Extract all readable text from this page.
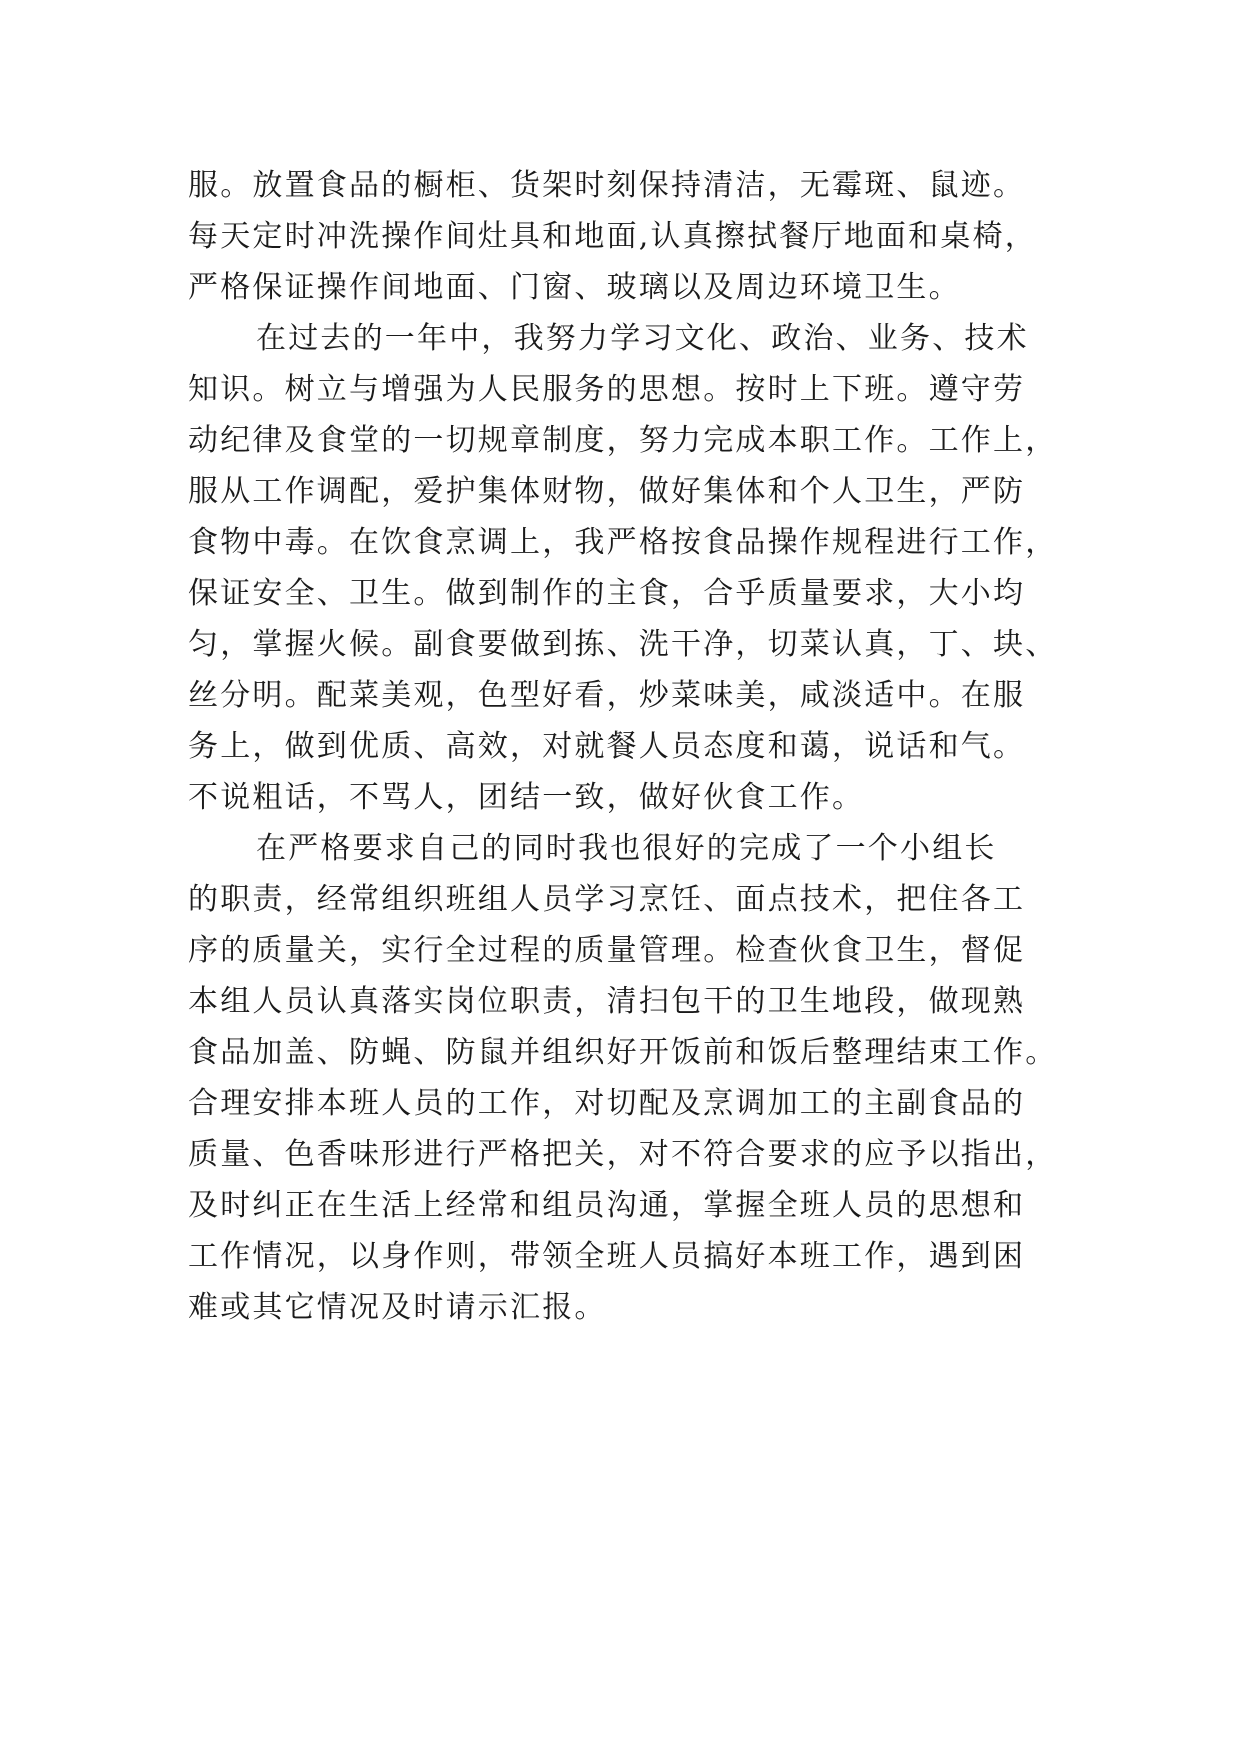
服。放置食品的橱柜、货架时刻保持清洁，无霉斑、鼠迹。
每天定时冲洗操作间灶具和地面,认真擦拭餐厅地面和桌椅，
严格保证操作间地面、门窗、玻璃以及周边环境卫生。
在过去的一年中，我努力学习文化、政治、业务、技术
知识。树立与增强为人民服务的思想。按时上下班。遵守劳
动纪律及食堂的一切规章制度，努力完成本职工作。工作上，
服从工作调配，爱护集体财物，做好集体和个人卫生，严防
食物中毒。在饮食烹调上，我严格按食品操作规程进行工作，
保证安全、卫生。做到制作的主食，合乎质量要求，大小均
匀，掌握火候。副食要做到拣、洗干净，切菜认真，丁、块、
丝分明。配菜美观，色型好看，炒菜味美，咸淡适中。在服
务上，做到优质、高效，对就餐人员态度和蔼，说话和气。
不说粗话，不骂人，团结一致，做好伙食工作。
在严格要求自己的同时我也很好的完成了一个小组长
的职责，经常组织班组人员学习烹饪、面点技术，把住各工
序的质量关，实行全过程的质量管理。检查伙食卫生，督促
本组人员认真落实岗位职责，清扫包干的卫生地段，做现熟
食品加盖、防蝇、防鼠并组织好开饭前和饭后整理结束工作。
合理安排本班人员的工作，对切配及烹调加工的主副食品的
质量、色香味形进行严格把关，对不符合要求的应予以指出，
及时纠正在生活上经常和组员沟通，掌握全班人员的思想和
工作情况，以身作则，带领全班人员搞好本班工作，遇到困
难或其它情况及时请示汇报。
